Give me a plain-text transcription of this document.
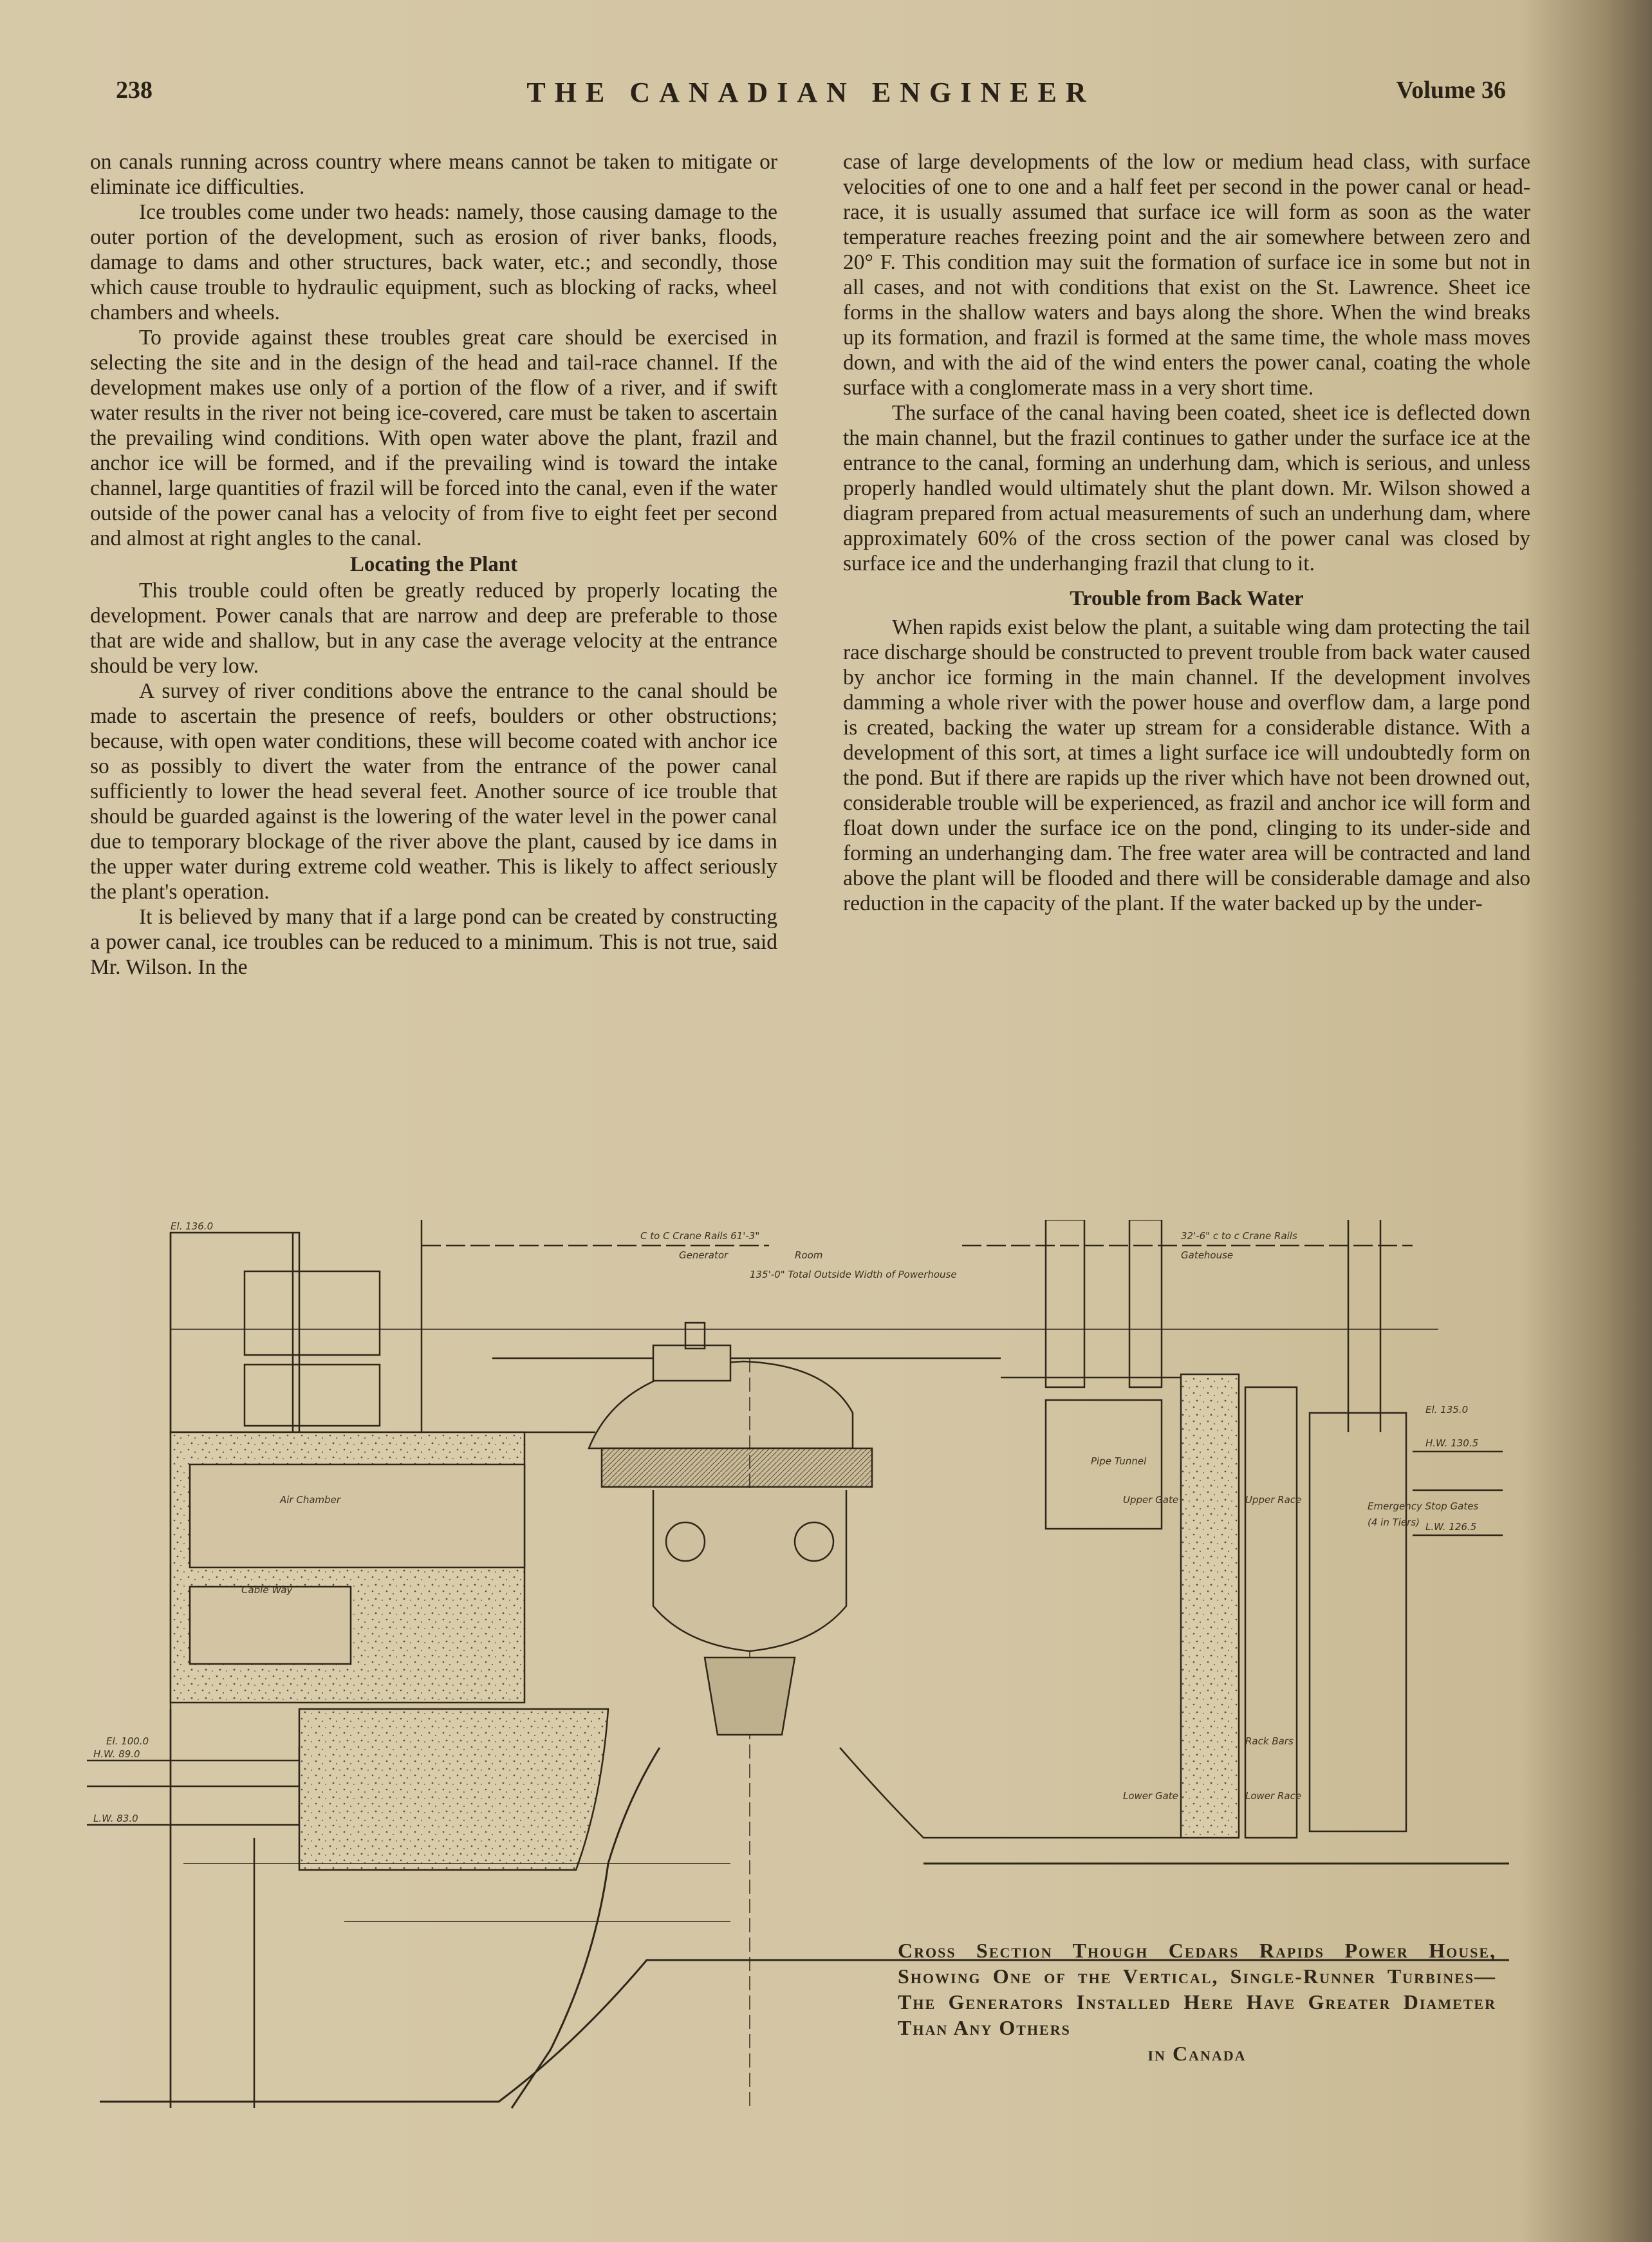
238	THE CANADIAN ENGINEER	Volume 36

on canals running across country where means cannot be taken to mitigate or eliminate ice difficulties.

Ice troubles come under two heads: namely, those causing damage to the outer portion of the development, such as erosion of river banks, floods, damage to dams and other structures, back water, etc.; and secondly, those which cause trouble to hydraulic equipment, such as blocking of racks, wheel chambers and wheels.

To provide against these troubles great care should be exercised in selecting the site and in the design of the head and tail-race channel. If the development makes use only of a portion of the flow of a river, and if swift water results in the river not being ice-covered, care must be taken to ascertain the prevailing wind conditions. With open water above the plant, frazil and anchor ice will be formed, and if the prevailing wind is toward the intake channel, large quantities of frazil will be forced into the canal, even if the water outside of the power canal has a velocity of from five to eight feet per second and almost at right angles to the canal.

Locating the Plant

This trouble could often be greatly reduced by properly locating the development. Power canals that are narrow and deep are preferable to those that are wide and shallow, but in any case the average velocity at the entrance should be very low.

A survey of river conditions above the entrance to the canal should be made to ascertain the presence of reefs, boulders or other obstructions; because, with open water conditions, these will become coated with anchor ice so as possibly to divert the water from the entrance of the power canal sufficiently to lower the head several feet. Another source of ice trouble that should be guarded against is the lowering of the water level in the power canal due to temporary blockage of the river above the plant, caused by ice dams in the upper water during extreme cold weather. This is likely to affect seriously the plant's operation.

It is believed by many that if a large pond can be created by constructing a power canal, ice troubles can be reduced to a minimum. This is not true, said Mr. Wilson. In the

case of large developments of the low or medium head class, with surface velocities of one to one and a half feet per second in the power canal or head-race, it is usually assumed that surface ice will form as soon as the water temperature reaches freezing point and the air somewhere between zero and 20° F. This condition may suit the formation of surface ice in some but not in all cases, and not with conditions that exist on the St. Lawrence. Sheet ice forms in the shallow waters and bays along the shore. When the wind breaks up its formation, and frazil is formed at the same time, the whole mass moves down, and with the aid of the wind enters the power canal, coating the whole surface with a conglomerate mass in a very short time.

The surface of the canal having been coated, sheet ice is deflected down the main channel, but the frazil continues to gather under the surface ice at the entrance to the canal, forming an underhung dam, which is serious, and unless properly handled would ultimately shut the plant down. Mr. Wilson showed a diagram prepared from actual measurements of such an underhung dam, where approximately 60% of the cross section of the power canal was closed by surface ice and the underhanging frazil that clung to it.

Trouble from Back Water

When rapids exist below the plant, a suitable wing dam protecting the tail race discharge should be constructed to prevent trouble from back water caused by anchor ice forming in the main channel. If the development involves damming a whole river with the power house and overflow dam, a large pond is created, backing the water up stream for a considerable distance. With a development of this sort, at times a light surface ice will undoubtedly form on the pond. But if there are rapids up the river which have not been drowned out, considerable trouble will be experienced, as frazil and anchor ice will form and float down under the surface ice on the pond, clinging to its under-side and forming an underhanging dam. The free water area will be contracted and land above the plant will be flooded and there will be considerable damage and also reduction in the capacity of the plant. If the water backed up by the under-

Generator	Room	Gatehouse
C to C Crane Rails 61'-3"	32'-6" c to c Crane Rails
135'-0" Total Outside Width of Powerhouse
Air Chamber
Cable Way
Pipe Tunnel
Upper Gate	Upper Race
Lower Gate	Lower Race
Emergency Stop Gates
(4 in Tiers)
Rack Bars
H.W. 130.5
L.W. 126.5
El. 135.0
H.W. 89.0
L.W. 83.0
El. 136.0
El. 100.0
Cross Section Though Cedars Rapids Power House, Showing One of the Vertical, Single-Runner Turbines—The Generators Installed Here Have Greater Diameter Than Any Others
in Canada
